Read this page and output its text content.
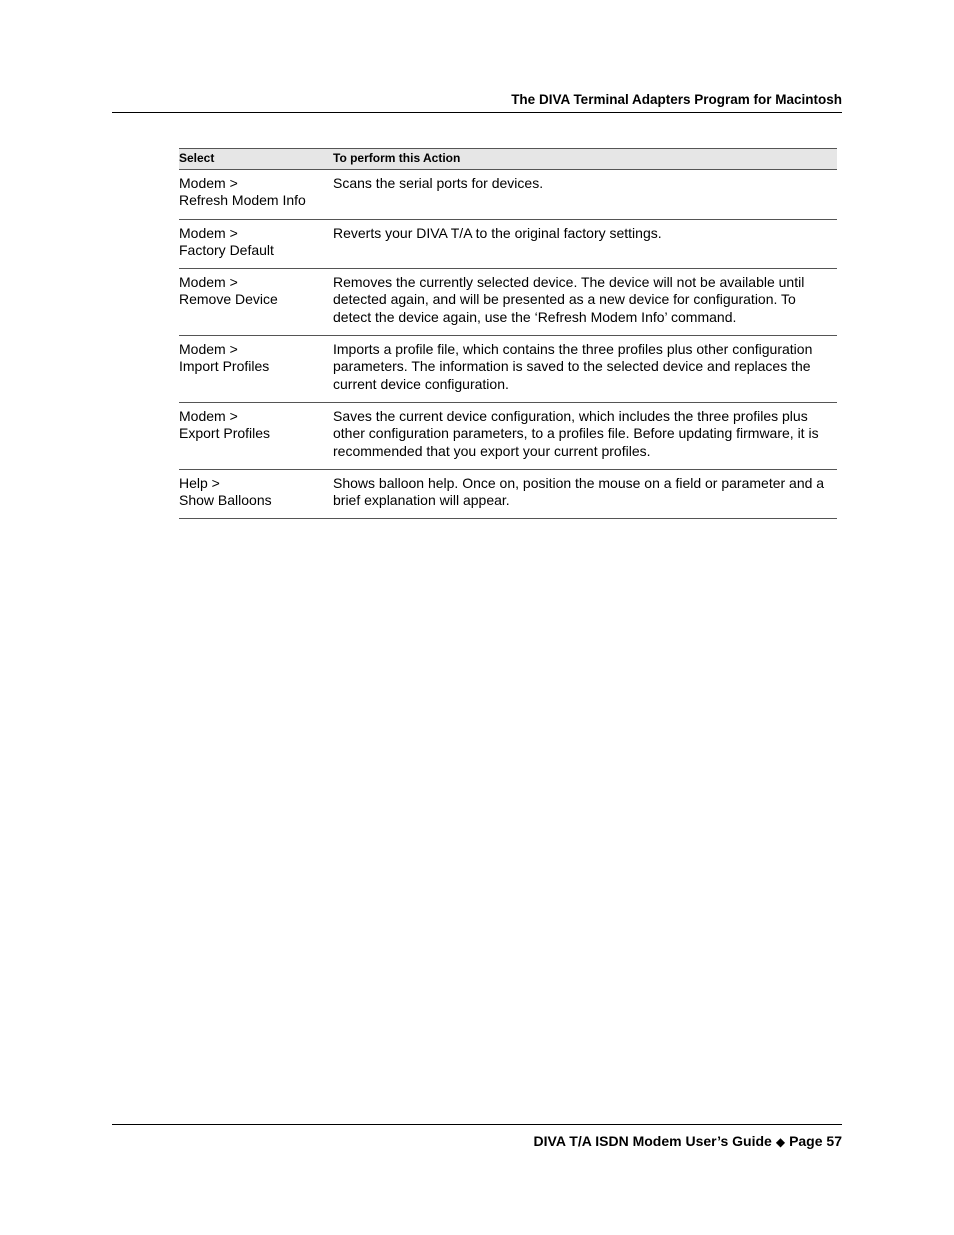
The DIVA Terminal Adapters Program for Macintosh
Select	To perform this Action

Modem >
Refresh Modem Info	Scans the serial ports for devices.

Modem >
Factory Default	Reverts your DIVA T/A to the original factory settings.

Modem >
Remove Device	Removes the currently selected device. The device will not be available until detected again, and will be presented as a new device for configuration. To detect the device again, use the ‘Refresh Modem Info’ command.

Modem >
Import Profiles	Imports a profile file, which contains the three profiles plus other configuration parameters. The information is saved to the selected device and replaces the current device configuration.

Modem >
Export Profiles	Saves the current device configuration, which includes the three profiles plus other configuration parameters, to a profiles file. Before updating firmware, it is recommended that you export your current profiles.

Help >
Show Balloons	Shows balloon help. Once on, position the mouse on a field or parameter and a brief explanation will appear.
DIVA T/A ISDN Modem User’s Guide ◆ Page 57
